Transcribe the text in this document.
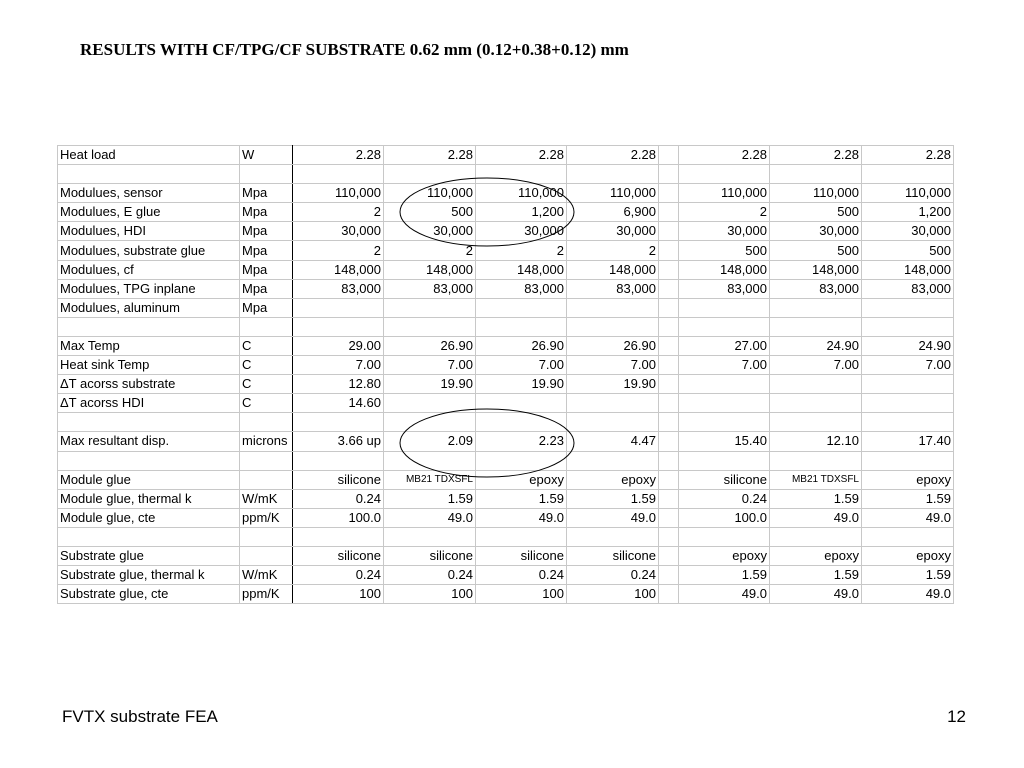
RESULTS WITH CF/TPG/CF SUBSTRATE 0.62 mm (0.12+0.38+0.12) mm
Heat load	W	2.28	2.28	2.28	2.28		2.28	2.28	2.28

Modulues, sensor	Mpa	110,000	110,000	110,000	110,000		110,000	110,000	110,000
Modulues, E glue	Mpa	2	500	1,200	6,900		2	500	1,200
Modulues, HDI	Mpa	30,000	30,000	30,000	30,000		30,000	30,000	30,000
Modulues, substrate glue	Mpa	2	2	2	2		500	500	500
Modulues, cf	Mpa	148,000	148,000	148,000	148,000		148,000	148,000	148,000
Modulues, TPG inplane	Mpa	83,000	83,000	83,000	83,000		83,000	83,000	83,000
Modulues, aluminum	Mpa								

Max Temp	C	29.00	26.90	26.90	26.90		27.00	24.90	24.90
Heat sink Temp	C	7.00	7.00	7.00	7.00		7.00	7.00	7.00
ΔT acorss substrate	C	12.80	19.90	19.90	19.90				
ΔT acorss HDI	C	14.60							

Max resultant disp.	microns	3.66 up	2.09	2.23	4.47		15.40	12.10	17.40

Module glue		silicone	MB21 TDXSFL	epoxy	epoxy		silicone	MB21 TDXSFL	epoxy
Module glue, thermal k	W/mK	0.24	1.59	1.59	1.59		0.24	1.59	1.59
Module glue, cte	ppm/K	100.0	49.0	49.0	49.0		100.0	49.0	49.0

Substrate glue		silicone	silicone	silicone	silicone		epoxy	epoxy	epoxy
Substrate glue, thermal k	W/mK	0.24	0.24	0.24	0.24		1.59	1.59	1.59
Substrate glue, cte	ppm/K	100	100	100	100		49.0	49.0	49.0
FVTX substrate FEA	12
